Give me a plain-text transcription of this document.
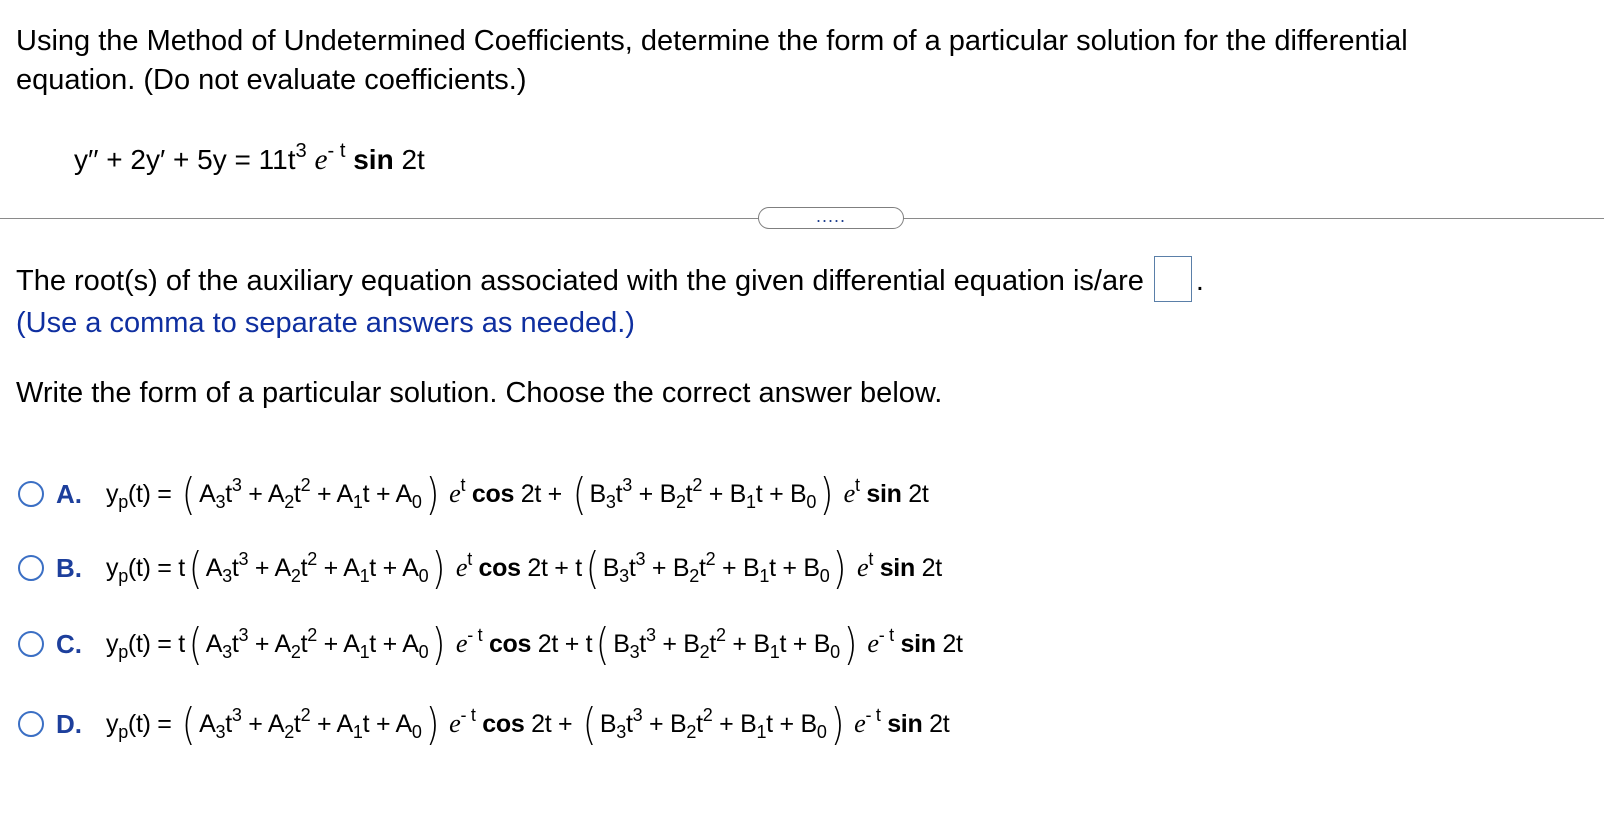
Using the Method of Undetermined Coefficients, determine the form of a particular solution for the differential
equation. (Do not evaluate coefficients.)
$y'' + 2y' + 5y = 11t^3$ $e^{- t}$ sin 2t
.....
The root(s) of the auxiliary equation associated with the given differential equation is/are .
(Use a comma to separate answers as needed.)
Write the form of a particular solution. Choose the correct answer below.
A. $y_p(t)$ = ( $A_3t^3 + A_2t^2 + A_1t + A_0$) $e^t$ cos 2t + ( $B_3t^3 + B_2t^2 + B_1t + B_0$) $e^t$ sin 2t
B. $y_p(t) = t$( $A_3t^3 + A_2t^2 + A_1t + A_0$) $e^t$ cos 2t + t( $B_3t^3 + B_2t^2 + B_1t + B_0$) $e^t$ sin 2t
C. $y_p(t) = t$( $A_3t^3 + A_2t^2 + A_1t + A_0$) $e^{- t}$ cos 2t + t( $B_3t^3 + B_2t^2 + B_1t + B_0$) $e^{- t}$ sin 2t
D. $y_p(t)$ = ( $A_3t^3 + A_2t^2 + A_1t + A_0$) $e^{- t}$ cos 2t + ( $B_3t^3 + B_2t^2 + B_1t + B_0$) $e^{- t}$ sin 2t
